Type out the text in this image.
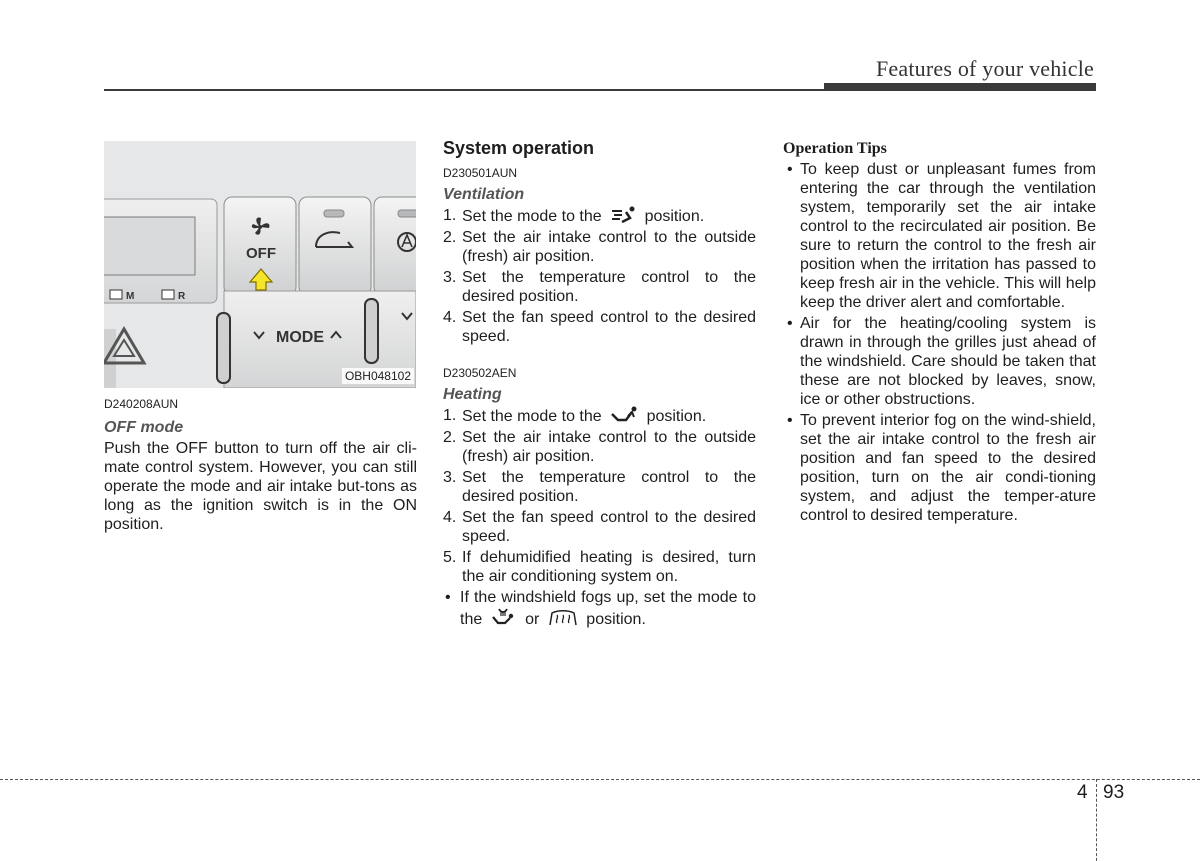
Features of your vehicle
OFF
MODE
M	R
OBH048102
D240208AUN
OFF mode
Push the OFF button to turn off the air cli-mate control system. However, you can still operate the mode and air intake but-tons as long as the ignition switch is in the ON position.
System operation
D230501AUN
Ventilation
1. Set the mode to the	position.
2. Set the air intake control to the outside (fresh) air position.
3. Set the temperature control to the desired position.
4. Set the fan speed control to the desired speed.
D230502AEN
Heating
1. Set the mode to the	position.
2. Set the air intake control to the outside (fresh) air position.
3. Set the temperature control to the desired position.
4. Set the fan speed control to the desired speed.
5. If dehumidified heating is desired, turn the air conditioning system on.
• If the windshield fogs up, set the mode to the	or	position.
Operation Tips
• To keep dust or unpleasant fumes from entering the car through the ventilation system, temporarily set the air intake control to the recirculated air position. Be sure to return the control to the fresh air position when the irritation has passed to keep fresh air in the vehicle. This will help keep the driver alert and comfortable.
• Air for the heating/cooling system is drawn in through the grilles just ahead of the windshield. Care should be taken that these are not blocked by leaves, snow, ice or other obstructions.
• To prevent interior fog on the wind-shield, set the air intake control to the fresh air position and fan speed to the desired position, turn on the air condi-tioning system, and adjust the temper-ature control to desired temperature.
4 93
